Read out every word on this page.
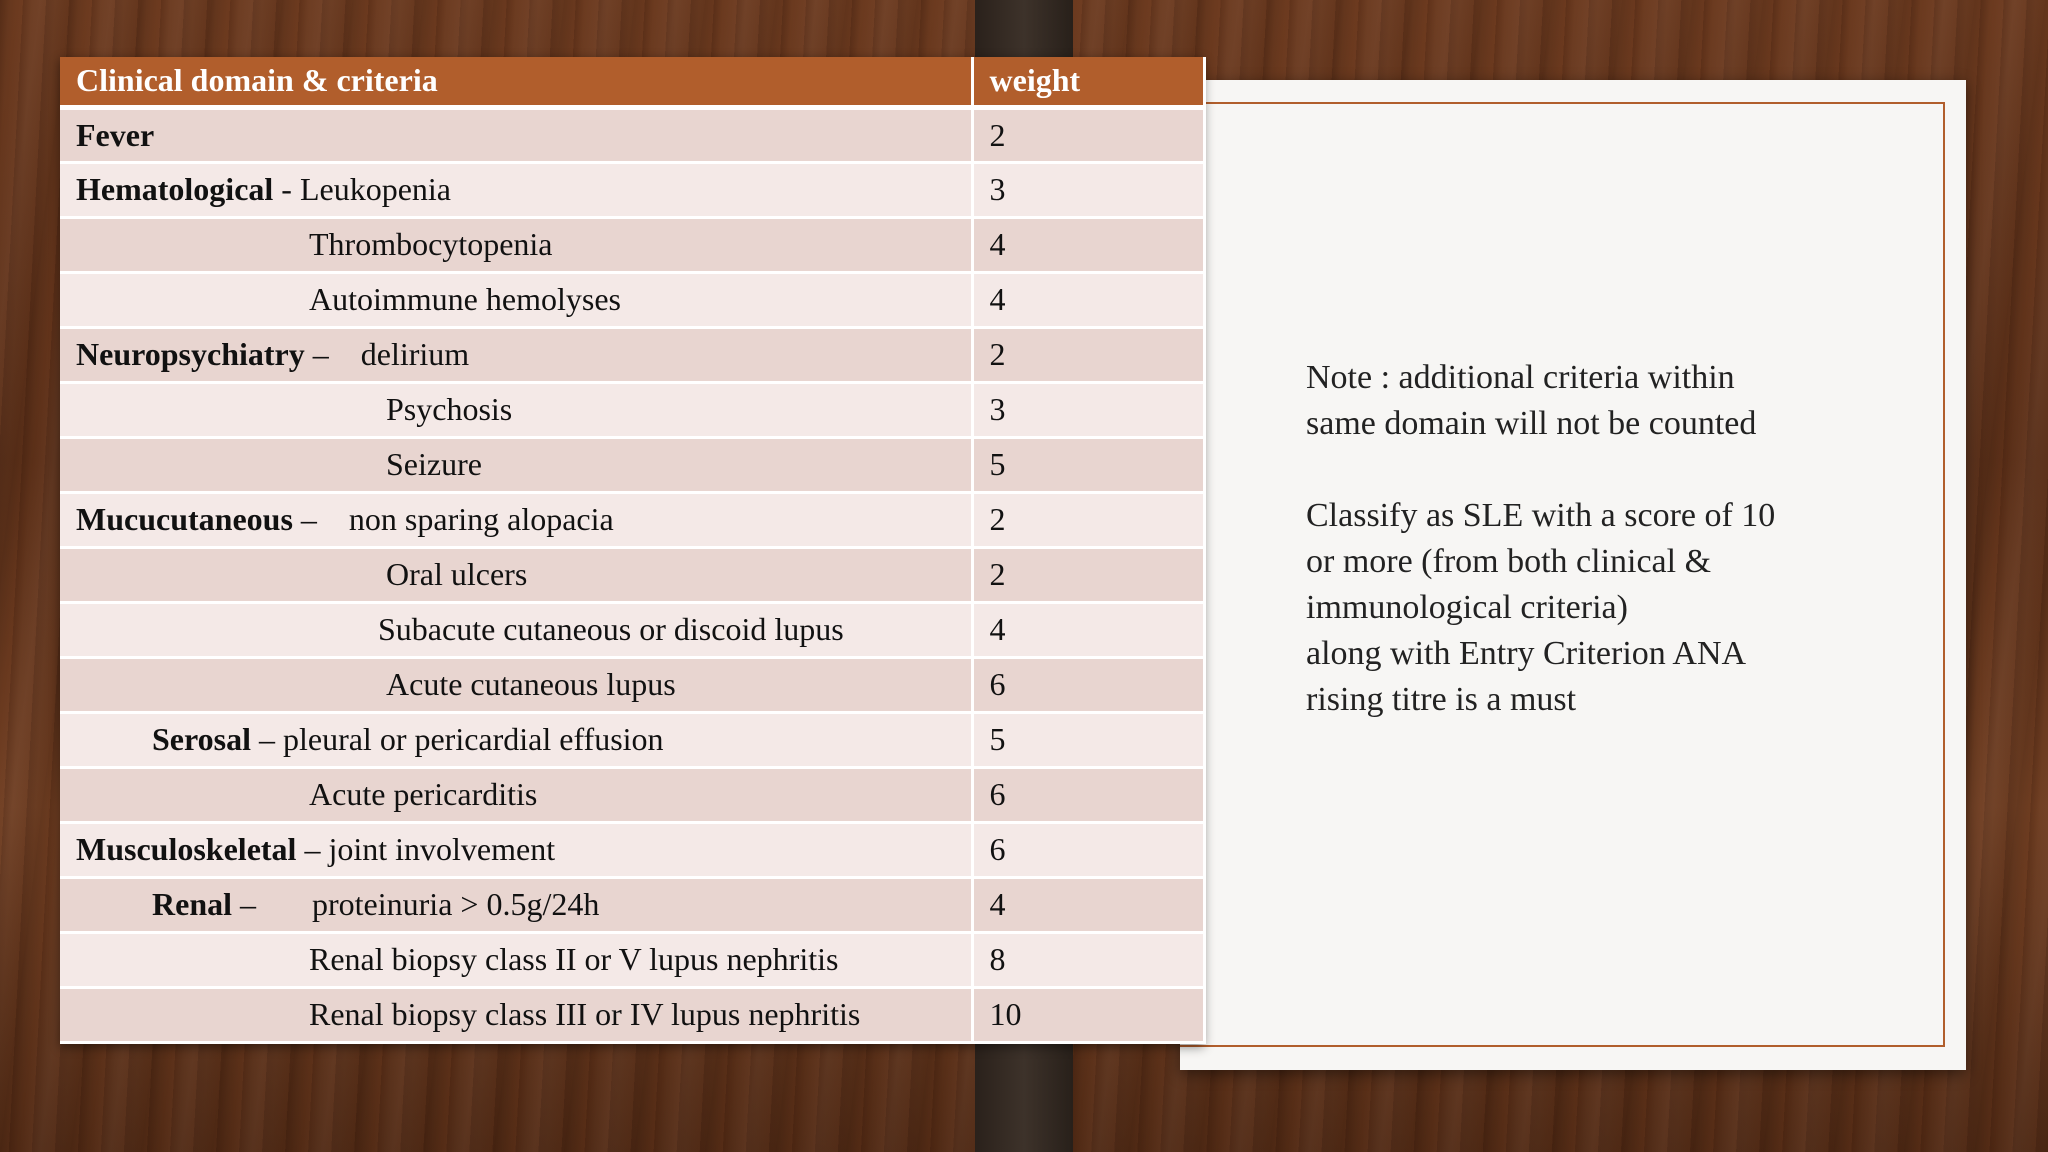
Note : additional criteria within

same domain will not be counted

Classify as SLE with a score of 10

or more (from both clinical &

immunological criteria)

along with Entry Criterion ANA

rising titre is a must

Clinical domain & criteria	weight
Fever	2
Hematological - Leukopenia	3
Thrombocytopenia	4
Autoimmune hemolyses	4
Neuropsychiatry – delirium	2
Psychosis	3
Seizure	5
Mucucutaneous – non sparing alopacia	2
Oral ulcers	2
Subacute cutaneous or discoid lupus	4
Acute cutaneous lupus	6
Serosal – pleural or pericardial effusion	5
Acute pericarditis	6
Musculoskeletal – joint involvement	6
Renal – proteinuria > 0.5g/24h	4
Renal biopsy class II or V lupus nephritis	8
Renal biopsy class III or IV lupus nephritis	10
